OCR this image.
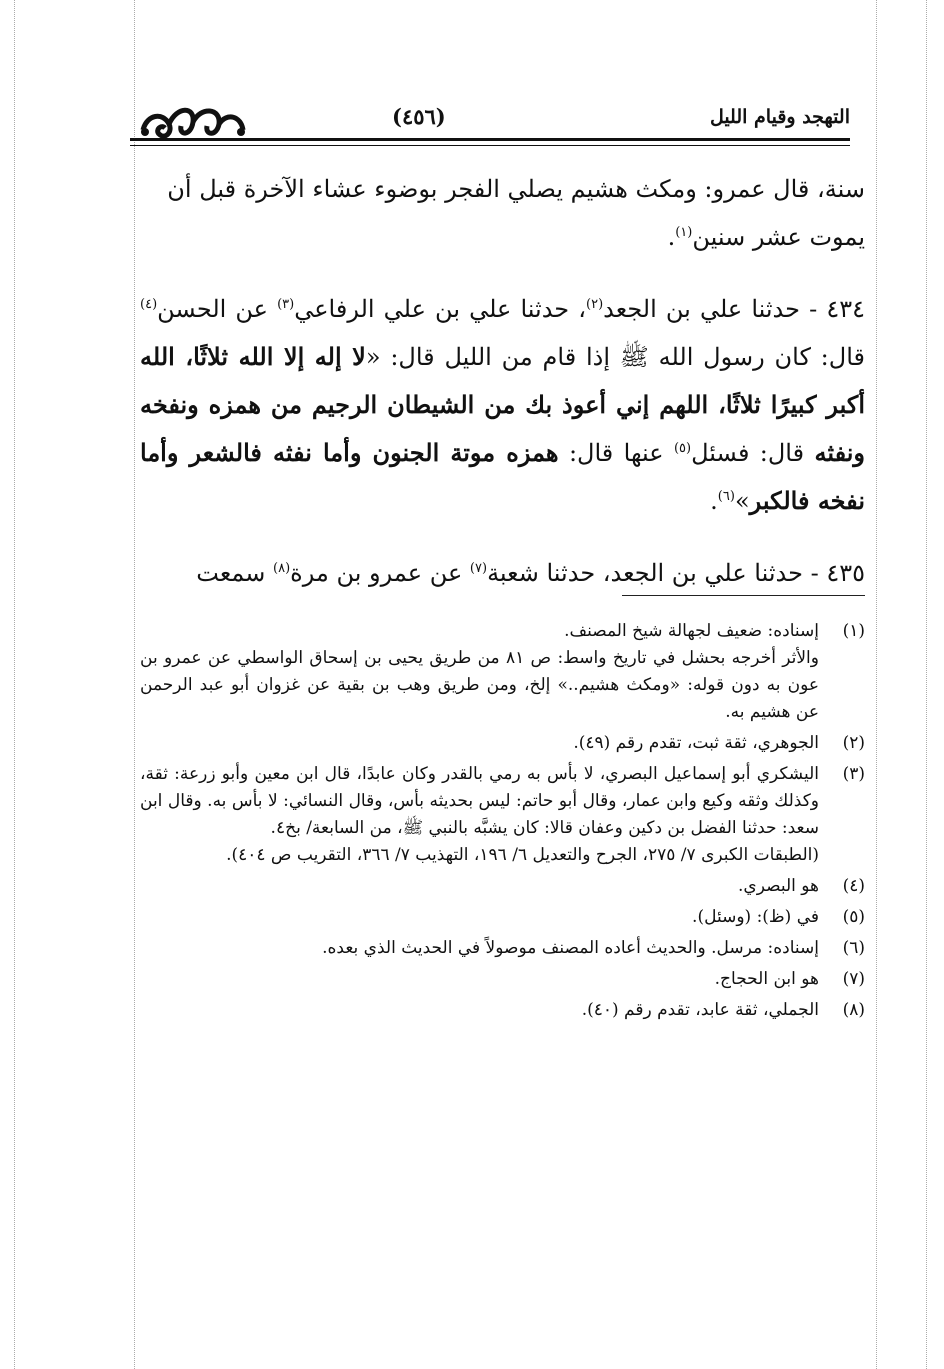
التهجد وقيام الليل
(٤٥٦)

سنة، قال عمرو: ومكث هشيم يصلي الفجر بوضوء عشاء الآخرة قبل أن
يموت عشر سنين$^{(١)}$.

٤٣٤ - حدثنا علي بن الجعد$^{(٢)}$، حدثنا علي بن علي الرفاعي$^{(٣)}$ عن الحسن$^{(٤)}$ قال: كان رسول الله ﷺ إذا قام من الليل قال: «لا إله إلا الله ثلاثًا، الله أكبر كبيرًا ثلاثًا، اللهم إني أعوذ بك من الشيطان الرجيم من همزه ونفخه ونفثه قال: فسئل$^{(٥)}$ عنها قال: همزه موتة الجنون وأما نفثه فالشعر وأما نفخه فالكبر»$^{(٦)}$.

٤٣٥ - حدثنا علي بن الجعد، حدثنا شعبة$^{(٧)}$ عن عمرو بن مرة$^{(٨)}$ سمعت

(١)

إسناده: ضعيف لجهالة شيخ المصنف.

والأثر أخرجه بحشل في تاريخ واسط: ص ٨١ من طريق يحيى بن إسحاق الواسطي عن عمرو بن عون به دون قوله: «ومكث هشيم..» إلخ، ومن طريق وهب بن بقية عن غزوان أبو عبد الرحمن عن هشيم به.

(٢)

الجوهري، ثقة ثبت، تقدم رقم (٤٩).

(٣)

اليشكري أبو إسماعيل البصري، لا بأس به رمي بالقدر وكان عابدًا، قال ابن معين وأبو زرعة: ثقة، وكذلك وثقه وكيع وابن عمار، وقال أبو حاتم: ليس بحديثه بأس، وقال النسائي: لا بأس به. وقال ابن سعد: حدثنا الفضل بن دكين وعفان قالا: كان يشبَّه بالنبي ﷺ، من السابعة/ بخ٤.

(الطبقات الكبرى ٧/ ٢٧٥، الجرح والتعديل ٦/ ١٩٦، التهذيب ٧/ ٣٦٦، التقريب ص ٤٠٤).

(٤)

هو البصري.

(٥)

في (ظ): (وسئل).

(٦)

إسناده: مرسل. والحديث أعاده المصنف موصولاً في الحديث الذي بعده.

(٧)

هو ابن الحجاج.

(٨)

الجملي، ثقة عابد، تقدم رقم (٤٠).
